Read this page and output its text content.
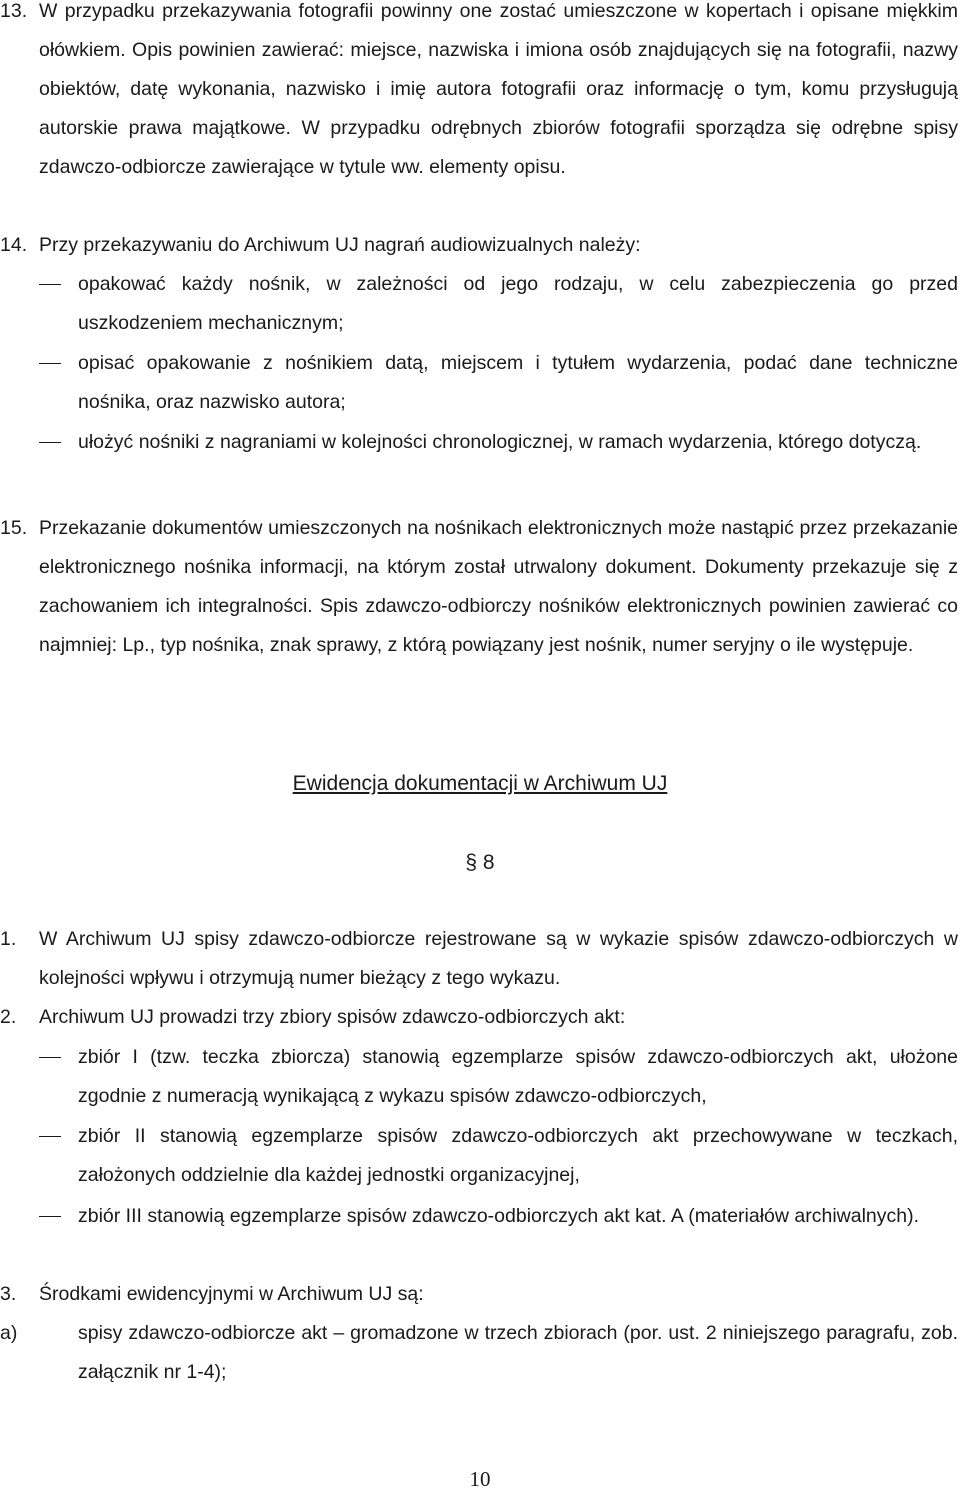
13. W przypadku przekazywania fotografii powinny one zostać umieszczone w kopertach i opisane miękkim ołówkiem. Opis powinien zawierać: miejsce, nazwiska i imiona osób znajdujących się na fotografii, nazwy obiektów, datę wykonania, nazwisko i imię autora fotografii oraz informację o tym, komu przysługują autorskie prawa majątkowe. W przypadku odrębnych zbiorów fotografii sporządza się odrębne spisy zdawczo-odbiorcze zawierające w tytule ww. elementy opisu.
14. Przy przekazywaniu do Archiwum UJ nagrań audiowizualnych należy:
opakować każdy nośnik, w zależności od jego rodzaju, w celu zabezpieczenia go przed uszkodzeniem mechanicznym;
opisać opakowanie z nośnikiem datą, miejscem i tytułem wydarzenia, podać dane techniczne nośnika, oraz nazwisko autora;
ułożyć nośniki z nagraniami w kolejności chronologicznej, w ramach wydarzenia, którego dotyczą.
15. Przekazanie dokumentów umieszczonych na nośnikach elektronicznych może nastąpić przez przekazanie elektronicznego nośnika informacji, na którym został utrwalony dokument. Dokumenty przekazuje się z zachowaniem ich integralności. Spis zdawczo-odbiorczy nośników elektronicznych powinien zawierać co najmniej: Lp., typ nośnika, znak sprawy, z którą powiązany jest nośnik, numer seryjny o ile występuje.
Ewidencja dokumentacji w Archiwum UJ
§ 8
1. W Archiwum UJ spisy zdawczo-odbiorcze rejestrowane są w wykazie spisów zdawczo-odbiorczych w kolejności wpływu i otrzymują numer bieżący z tego wykazu.
2. Archiwum UJ prowadzi trzy zbiory spisów zdawczo-odbiorczych akt:
zbiór I (tzw. teczka zbiorcza) stanowią egzemplarze spisów zdawczo-odbiorczych akt, ułożone zgodnie z numeracją wynikającą z wykazu spisów zdawczo-odbiorczych,
zbiór II stanowią egzemplarze spisów zdawczo-odbiorczych akt przechowywane w teczkach, założonych oddzielnie dla każdej jednostki organizacyjnej,
zbiór III stanowią egzemplarze spisów zdawczo-odbiorczych akt kat. A (materiałów archiwalnych).
3. Środkami ewidencyjnymi w Archiwum UJ są:
a)	spisy zdawczo-odbiorcze akt – gromadzone w trzech zbiorach (por. ust. 2 niniejszego paragrafu, zob. załącznik nr 1-4);
10
